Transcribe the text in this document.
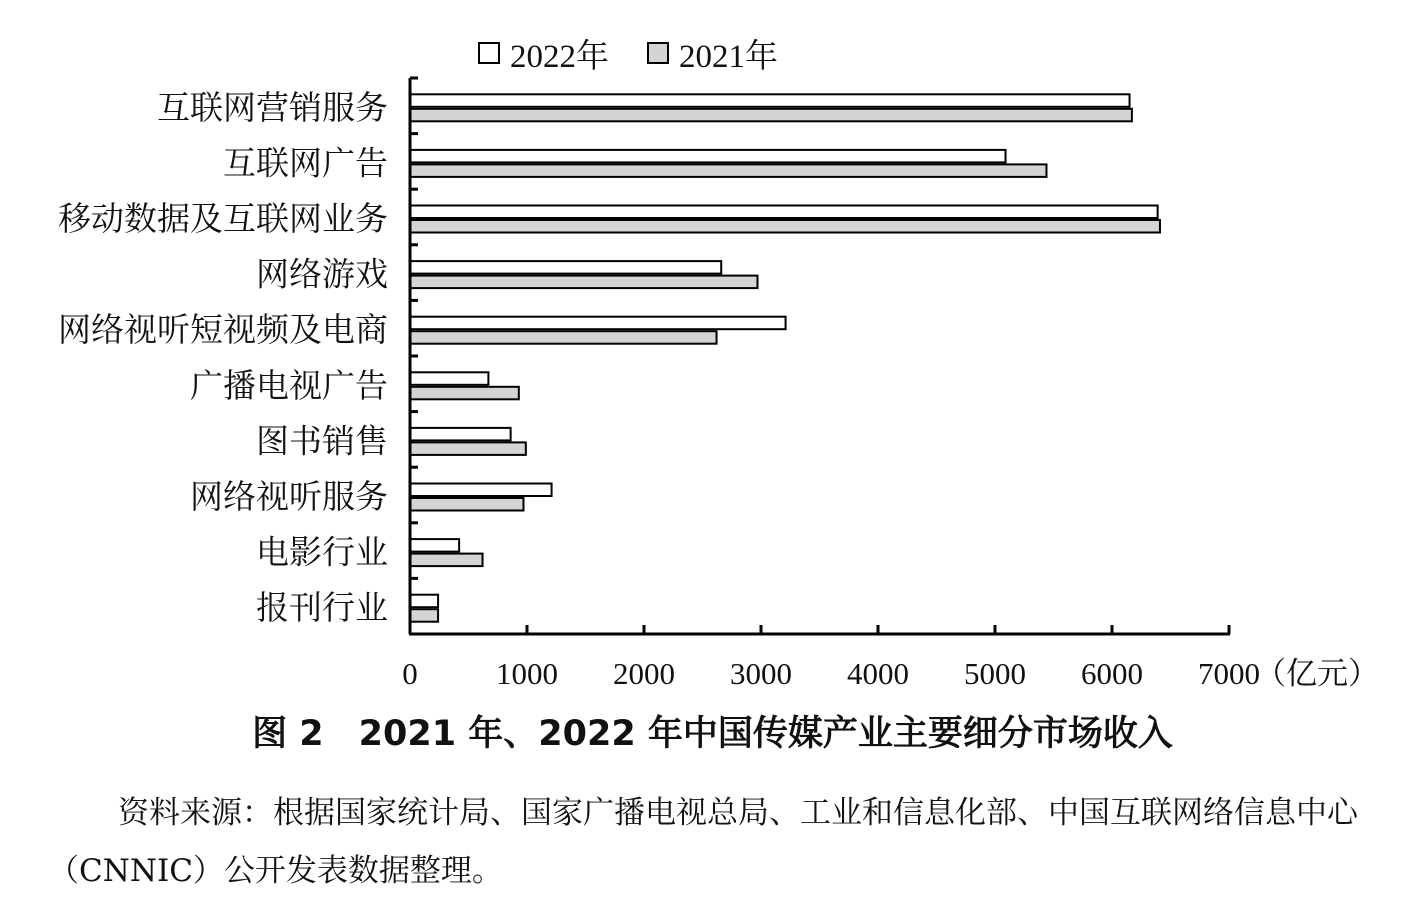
2022年 2021年
互联网营销服务
互联网广告
移动数据及互联网业务
网络游戏
网络视听短视频及电商
广播电视广告
图书销售
网络视听服务
电影行业
报刊行业
0	1000 2000 3000 4000 5000 6000 7000
（亿元）
图 2　2021 年、2022 年中国传媒产业主要细分市场收入
资料来源：根据国家统计局、国家广播电视总局、工业和信息化部、中国互联网络信息中心（CNNIC）公开发表数据整理。
